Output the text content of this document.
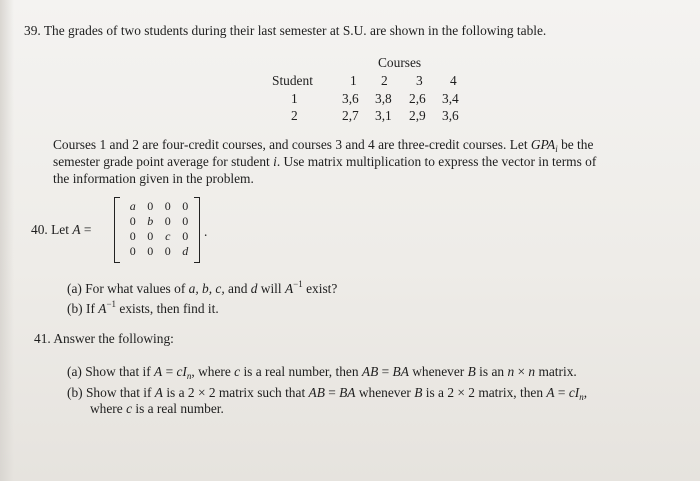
39. The grades of two students during their last semester at S.U. are shown in the following table.
Courses
Student	1 2 3 4
1	3,6 3,8 2,6 3,4
2	2,7 3,1 2,9 3,6
Courses 1 and 2 are four-credit courses, and courses 3 and 4 are three-credit courses. Let $GPA_i$ be the
semester grade point average for student i. Use matrix multiplication to express the vector in terms of
the information given in the problem.
40. Let A =
a 0 0 0
0 b 0 0
0 0 c 0
0 0 0 d
.
(a) For what values of a, b, c, and d will $A^{-1}$ exist?
(b) If $A^{-1}$ exists, then find it.
41. Answer the following:
(a) Show that if $A = cI_n$, where c is a real number, then AB = BA whenever B is an n × n matrix.
(b) Show that if A is a 2 × 2 matrix such that AB = BA whenever B is a 2 × 2 matrix, then $A = cI_n$,
where c is a real number.
